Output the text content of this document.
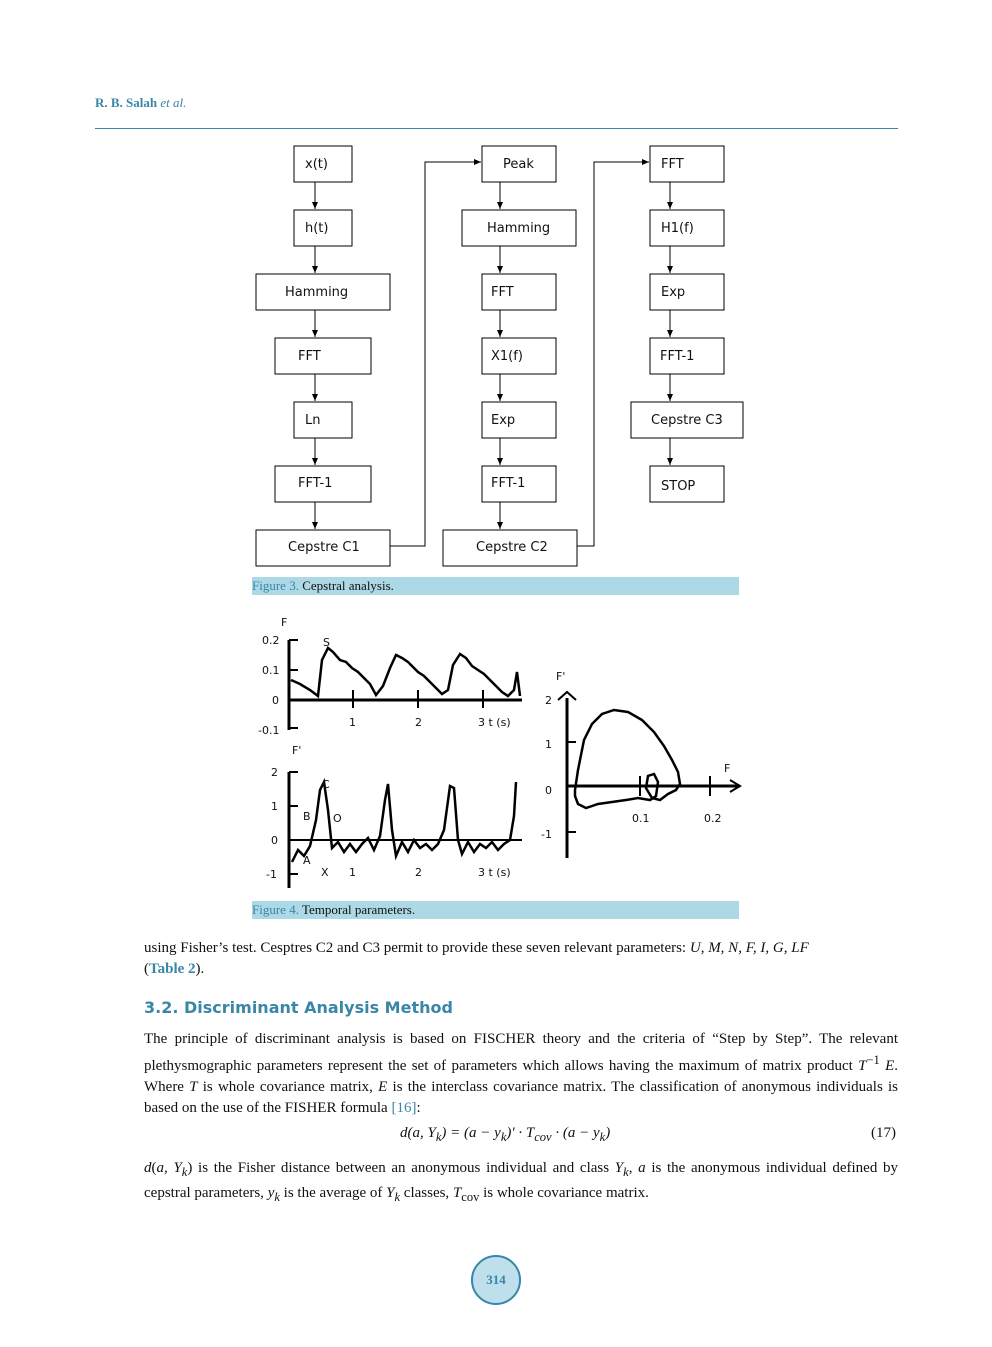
R. B. Salah et al.
x(t)
h(t)
Hamming
FFT
Ln
FFT-1
Cepstre C1
Peak
Hamming
FFT
X1(f)
Exp
FFT-1
Cepstre C2
FFT
H1(f)
Exp
FFT-1
Cepstre C3
STOP
Figure 3. Cepstral analysis.
F
0.2
0.1
0
-0.1
1	2	3 t (s)
S
F'
2
1
0
-1
C
B O
A
X 1	2	3 t (s)
F'
F
2
1
0
-1
0.1	0.2
Figure 4. Temporal parameters.
using Fisher’s test. Cesptres C2 and C3 permit to provide these seven relevant parameters: U, M, N, F, I, G, LF
(Table 2).
3.2. Discriminant Analysis Method
The principle of discriminant analysis is based on FISCHER theory and the criteria of “Step by Step”. The relevant plethysmographic parameters represent the set of parameters which allows having the maximum of matrix product $T^{-1}$ E. Where T is whole covariance matrix, E is the interclass covariance matrix. The classification of anonymous individuals is based on the use of the FISHER formula [16]:
d(a, $Y_k) = (a - y_k)' \cdot T_{cov} \cdot (a - y_k)$	(17)
d(a, $Y_k$) is the Fisher distance between an anonymous individual and class $Y_k$, a is the anonymous individual defined by cepstral parameters, $y_k$ is the average of $Y_k$ classes, $T_{cov}$ is whole covariance matrix.
314
